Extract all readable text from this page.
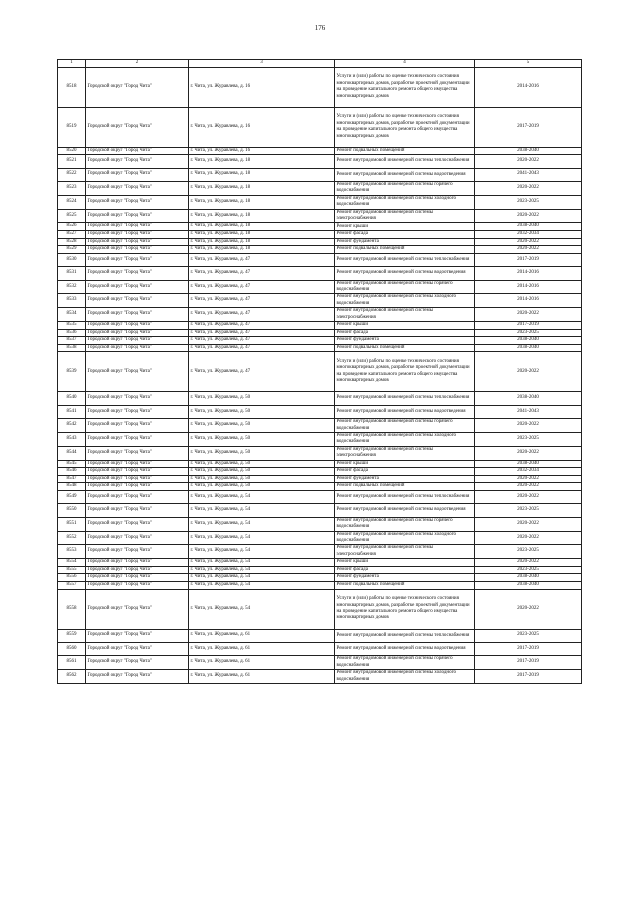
176
1	2	3	4	5
8518	Городской округ "Город Чита"	г. Чита, ул. Журавлева, д. 16	Услуги и (или) работы по оценке технического состояния многоквартирных домов, разработке проектной документации на проведение капитального ремонта общего имущества многоквартирных домов	2014-2016
8519	Городской округ "Город Чита"	г. Чита, ул. Журавлева, д. 16	Услуги и (или) работы по оценке технического состояния многоквартирных домов, разработке проектной документации на проведение капитального ремонта общего имущества многоквартирных домов	2017-2019
8520	Городской округ "Город Чита"	г. Чита, ул. Журавлева, д. 16	Ремонт подвальных помещений	2038-2040
8521	Городской округ "Город Чита"	г. Чита, ул. Журавлева, д. 18	Ремонт внутридомовой инженерной системы теплоснабжения	2020-2022
8522	Городской округ "Город Чита"	г. Чита, ул. Журавлева, д. 18	Ремонт внутридомовой инженерной системы водоотведения	2041-2043
8523	Городской округ "Город Чита"	г. Чита, ул. Журавлева, д. 18	Ремонт внутридомовой инженерной системы горячего водоснабжения	2020-2022
8524	Городской округ "Город Чита"	г. Чита, ул. Журавлева, д. 18	Ремонт внутридомовой инженерной системы холодного водоснабжения	2023-2025
8525	Городской округ "Город Чита"	г. Чита, ул. Журавлева, д. 18	Ремонт внутридомовой инженерной системы электроснабжения	2020-2022
8526	Городской округ "Город Чита"	г. Чита, ул. Журавлева, д. 18	Ремонт крыши	2038-2040
8527	Городской округ "Город Чита"	г. Чита, ул. Журавлева, д. 18	Ремонт фасада	2032-2034
8528	Городской округ "Город Чита"	г. Чита, ул. Журавлева, д. 18	Ремонт фундамента	2020-2022
8529	Городской округ "Город Чита"	г. Чита, ул. Журавлева, д. 18	Ремонт подвальных помещений	2020-2022
8530	Городской округ "Город Чита"	г. Чита, ул. Журавлева, д. 47	Ремонт внутридомовой инженерной системы теплоснабжения	2017-2019
8531	Городской округ "Город Чита"	г. Чита, ул. Журавлева, д. 47	Ремонт внутридомовой инженерной системы водоотведения	2014-2016
8532	Городской округ "Город Чита"	г. Чита, ул. Журавлева, д. 47	Ремонт внутридомовой инженерной системы горячего водоснабжения	2014-2016
8533	Городской округ "Город Чита"	г. Чита, ул. Журавлева, д. 47	Ремонт внутридомовой инженерной системы холодного водоснабжения	2014-2016
8534	Городской округ "Город Чита"	г. Чита, ул. Журавлева, д. 47	Ремонт внутридомовой инженерной системы электроснабжения	2020-2022
8535	Городской округ "Город Чита"	г. Чита, ул. Журавлева, д. 47	Ремонт крыши	2017-2019
8536	Городской округ "Город Чита"	г. Чита, ул. Журавлева, д. 47	Ремонт фасада	2023-2025
8537	Городской округ "Город Чита"	г. Чита, ул. Журавлева, д. 47	Ремонт фундамента	2038-2040
8538	Городской округ "Город Чита"	г. Чита, ул. Журавлева, д. 47	Ремонт подвальных помещений	2038-2040
8539	Городской округ "Город Чита"	г. Чита, ул. Журавлева, д. 47	Услуги и (или) работы по оценке технического состояния многоквартирных домов, разработке проектной документации на проведение капитального ремонта общего имущества многоквартирных домов	2020-2022
8540	Городской округ "Город Чита"	г. Чита, ул. Журавлева, д. 50	Ремонт внутридомовой инженерной системы теплоснабжения	2038-2040
8541	Городской округ "Город Чита"	г. Чита, ул. Журавлева, д. 50	Ремонт внутридомовой инженерной системы водоотведения	2041-2043
8542	Городской округ "Город Чита"	г. Чита, ул. Журавлева, д. 50	Ремонт внутридомовой инженерной системы горячего водоснабжения	2020-2022
8543	Городской округ "Город Чита"	г. Чита, ул. Журавлева, д. 50	Ремонт внутридомовой инженерной системы холодного водоснабжения	2023-2025
8544	Городской округ "Город Чита"	г. Чита, ул. Журавлева, д. 50	Ремонт внутридомовой инженерной системы электроснабжения	2020-2022
8545	Городской округ "Город Чита"	г. Чита, ул. Журавлева, д. 50	Ремонт крыши	2038-2040
8546	Городской округ "Город Чита"	г. Чита, ул. Журавлева, д. 50	Ремонт фасада	2032-2034
8547	Городской округ "Город Чита"	г. Чита, ул. Журавлева, д. 50	Ремонт фундамента	2020-2022
8548	Городской округ "Город Чита"	г. Чита, ул. Журавлева, д. 50	Ремонт подвальных помещений	2020-2022
8549	Городской округ "Город Чита"	г. Чита, ул. Журавлева, д. 54	Ремонт внутридомовой инженерной системы теплоснабжения	2020-2022
8550	Городской округ "Город Чита"	г. Чита, ул. Журавлева, д. 54	Ремонт внутридомовой инженерной системы водоотведения	2023-2025
8551	Городской округ "Город Чита"	г. Чита, ул. Журавлева, д. 54	Ремонт внутридомовой инженерной системы горячего водоснабжения	2020-2022
8552	Городской округ "Город Чита"	г. Чита, ул. Журавлева, д. 54	Ремонт внутридомовой инженерной системы холодного водоснабжения	2020-2022
8553	Городской округ "Город Чита"	г. Чита, ул. Журавлева, д. 54	Ремонт внутридомовой инженерной системы электроснабжения	2023-2025
8554	Городской округ "Город Чита"	г. Чита, ул. Журавлева, д. 54	Ремонт крыши	2020-2022
8555	Городской округ "Город Чита"	г. Чита, ул. Журавлева, д. 54	Ремонт фасада	2023-2025
8556	Городской округ "Город Чита"	г. Чита, ул. Журавлева, д. 54	Ремонт фундамента	2038-2040
8557	Городской округ "Город Чита"	г. Чита, ул. Журавлева, д. 54	Ремонт подвальных помещений	2038-2040
8558	Городской округ "Город Чита"	г. Чита, ул. Журавлева, д. 54	Услуги и (или) работы по оценке технического состояния многоквартирных домов, разработке проектной документации на проведение капитального ремонта общего имущества многоквартирных домов	2020-2022
8559	Городской округ "Город Чита"	г. Чита, ул. Журавлева, д. 61	Ремонт внутридомовой инженерной системы теплоснабжения	2023-2025
8560	Городской округ "Город Чита"	г. Чита, ул. Журавлева, д. 61	Ремонт внутридомовой инженерной системы водоотведения	2017-2019
8561	Городской округ "Город Чита"	г. Чита, ул. Журавлева, д. 61	Ремонт внутридомовой инженерной системы горячего водоснабжения	2017-2019
8562	Городской округ "Город Чита"	г. Чита, ул. Журавлева, д. 61	Ремонт внутридомовой инженерной системы холодного водоснабжения	2017-2019
